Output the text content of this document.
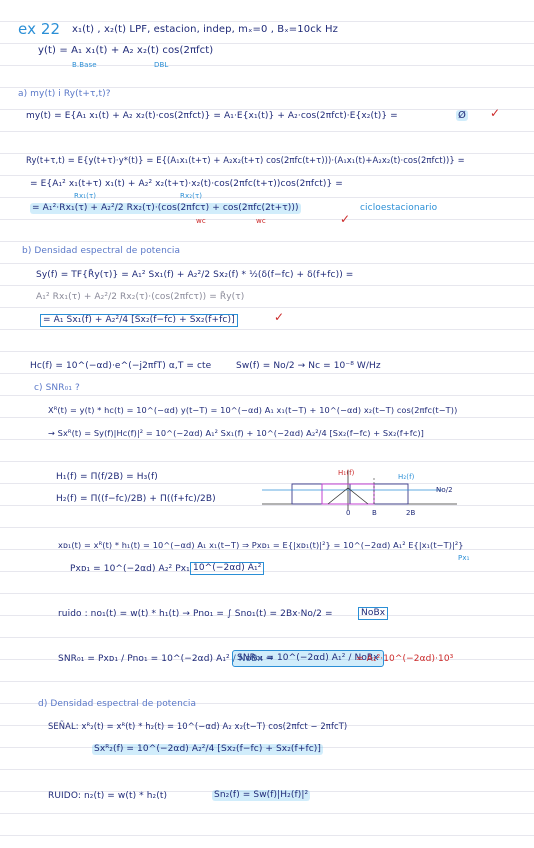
ex 22 x₁(t) , x₂(t) LPF, estacion, indep, mₓ=0 , Bₓ=10ck Hz
y(t) = A₁ x₁(t) + A₂ x₂(t) cos(2πfct)
B.Base	DBL
a) my(t) i Ry(t+τ,t)?
my(t) = E{A₁ x₁(t) + A₂ x₂(t)·cos(2πfct)} = A₁·E{x₁(t)} + A₂·cos(2πfct)·E{x₂(t)} =	Ø ✓
Ry(t+τ,t) = E{y(t+τ)·y*(t)} = E{(A₁x₁(t+τ) + A₂x₂(t+τ) cos(2πfc(t+τ)))·(A₁x₁(t)+A₂x₂(t)·cos(2πfct))} =
= E{A₁² x₁(t+τ) x₁(t) + A₂² x₂(t+τ)·x₂(t)·cos(2πfc(t+τ))cos(2πfct)} =
Rx₁(τ)	Rx₂(τ)
= A₁²·Rx₁(τ) + A₂²/2 Rx₂(τ)·(cos(2πfcτ) + cos(2πfc(2t+τ)))	cicloestacionario
wc	wc	✓
b) Densidad espectral de potencia
Sy(f) = TF{R̄y(τ)} = A₁² Sx₁(f) + A₂²/2 Sx₂(f) * ½(δ(f−fc) + δ(f+fc)) =
A₁² Rx₁(τ) + A₂²/2 Rx₂(τ)·(cos(2πfcτ)) = R̄y(τ)
= A₁ Sx₁(f) + A₂²/4 [Sx₂(f−fc) + Sx₂(f+fc)]	✓
Hc(f) = 10^(−αd)·e^(−j2πfT) α,T = cte	Sw(f) = No/2 → Nc = 10⁻⁸ W/Hz
c) SNR₀₁ ?
Xᴿ(t) = y(t) * hc(t) = 10^(−αd) y(t−T) = 10^(−αd) A₁ x₁(t−T) + 10^(−αd) x₂(t−T) cos(2πfc(t−T))
→ Sxᴿ(t) = Sy(f)|Hc(f)|² = 10^(−2αd) A₁² Sx₁(f) + 10^(−2αd) A₂²/4 [Sx₂(f−fc) + Sx₂(f+fc)]
H₁(f) = Π(f/2B) = H₃(f)
H₂(f) = Π((f−fc)/2B) + Π((f+fc)/2B)
H₁(f)	H₂(f)
No/2
0	B	2B
xᴅ₁(t) = xᴿ(t) * h₁(t) = 10^(−αd) A₁ x₁(t−T) ⇒ Pxᴅ₁ = E{|xᴅ₁(t)|²} = 10^(−2αd) A₁² E{|x₁(t−T)|²}
Px₁
Pxᴅ₁ = 10^(−2αd) A₂² Px₁ 10^(−2αd) A₁²
ruido : no₁(t) = w(t) * h₁(t) → Pno₁ = ∫ Sno₁(t) = 2Bx·No/2 =	NoBx
SNR₀₁ = Pxᴅ₁ / Pno₁ = 10^(−2αd) A₁² / NoBx ⇒
SNR₀₁ = 10^(−2αd) A₁² / NoBx
= A₁²·10^(−2αd)·10³
d) Densidad espectral de potencia
SEÑAL: xᴿ₂(t) = xᴿ(t) * h₂(t) = 10^(−αd) A₂ x₂(t−T) cos(2πfct − 2πfcT)
Sxᴿ₂(f) = 10^(−2αd) A₂²/4 [Sx₂(f−fc) + Sx₂(f+fc)]
RUIDO: n₂(t) = w(t) * h₂(t)	Sn₂(f) = Sw(f)|H₂(f)|²
